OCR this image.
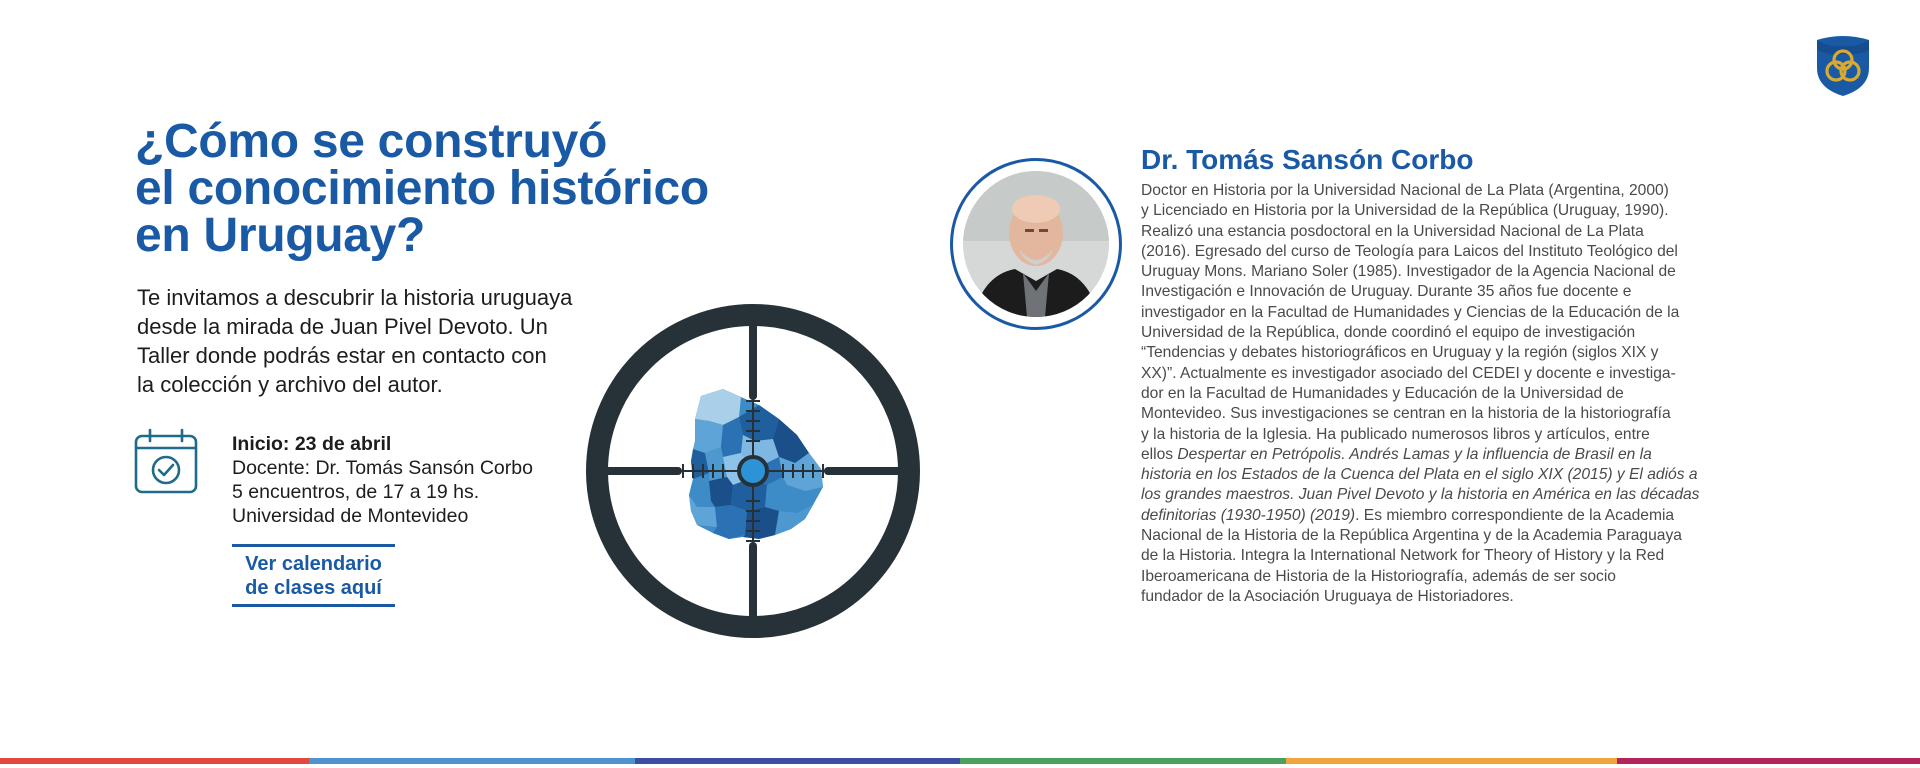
¿Cómo se construyó
el conocimiento histórico
en Uruguay?

Te invitamos a descubrir la historia uruguaya
desde la mirada de Juan Pivel Devoto. Un
Taller donde podrás estar en contacto con
la colección y archivo del autor.

Inicio: 23 de abril
Docente: Dr. Tomás Sansón Corbo
5 encuentros, de 17 a 19 hs.
Universidad de Montevideo
Ver calendario
de clases aquí
Dr. Tomás Sansón Corbo
Doctor en Historia por la Universidad Nacional de La Plata (Argentina, 2000)
y Licenciado en Historia por la Universidad de la República (Uruguay, 1990).
Realizó una estancia posdoctoral en la Universidad Nacional de La Plata
(2016). Egresado del curso de Teología para Laicos del Instituto Teológico del
Uruguay Mons. Mariano Soler (1985). Investigador de la Agencia Nacional de
Investigación e Innovación de Uruguay. Durante 35 años fue docente e
investigador en la Facultad de Humanidades y Ciencias de la Educación de la
Universidad de la República, donde coordinó el equipo de investigación
“Tendencias y debates historiográficos en Uruguay y la región (siglos XIX y
XX)”. Actualmente es investigador asociado del CEDEI y docente e investiga-
dor en la Facultad de Humanidades y Educación de la Universidad de
Montevideo. Sus investigaciones se centran en la historia de la historiografía
y la historia de la Iglesia. Ha publicado numerosos libros y artículos, entre
ellos Despertar en Petrópolis. Andrés Lamas y la influencia de Brasil en la
historia en los Estados de la Cuenca del Plata en el siglo XIX (2015) y El adiós a
los grandes maestros. Juan Pivel Devoto y la historia en América en las décadas
definitorias (1930-1950) (2019). Es miembro correspondiente de la Academia
Nacional de la Historia de la República Argentina y de la Academia Paraguaya
de la Historia. Integra la International Network for Theory of History y la Red
Iberoamericana de Historia de la Historiografía, además de ser socio
fundador de la Asociación Uruguaya de Historiadores.
